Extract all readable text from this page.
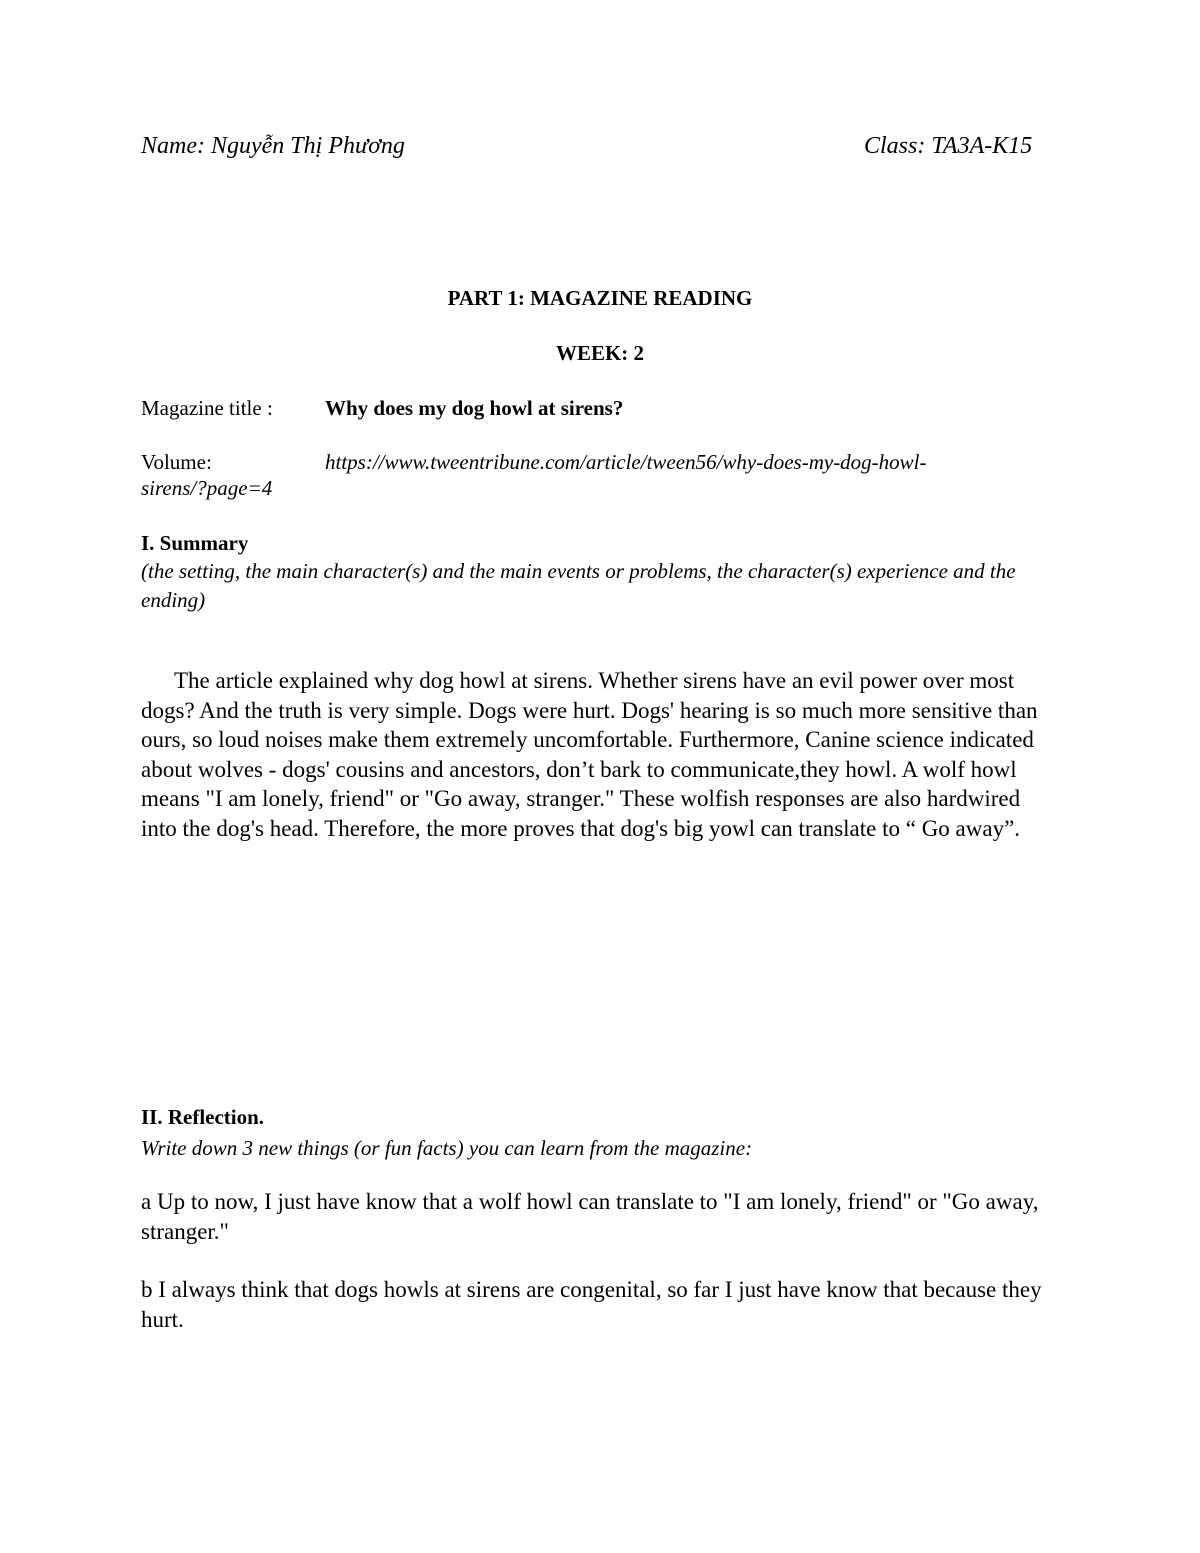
Name: Nguyễn Thị Phương	Class: TA3A-K15
PART 1: MAGAZINE READING
WEEK: 2
Magazine title : Why does my dog howl at sirens?
Volume:	https://www.tweentribune.com/article/tween56/why-does-my-dog-howl-
sirens/?page=4
I. Summary
(the setting, the main character(s) and the main events or problems, the character(s) experience and the ending)
The article explained why dog howl at sirens. Whether sirens have an evil power over most dogs? And the truth is very simple. Dogs were hurt. Dogs' hearing is so much more sensitive than ours, so loud noises make them extremely uncomfortable. Furthermore, Canine science indicated about wolves - dogs' cousins and ancestors, don’t bark to communicate,they howl. A wolf howl means "I am lonely, friend" or "Go away, stranger." These wolfish responses are also hardwired into the dog's head. Therefore, the more proves that dog's big yowl can translate to “ Go away”.
II. Reflection.
Write down 3 new things (or fun facts) you can learn from the magazine:
a Up to now, I just have know that a wolf howl can translate to "I am lonely, friend" or "Go away, stranger."
b I always think that dogs howls at sirens are congenital, so far I just have know that because they hurt.
